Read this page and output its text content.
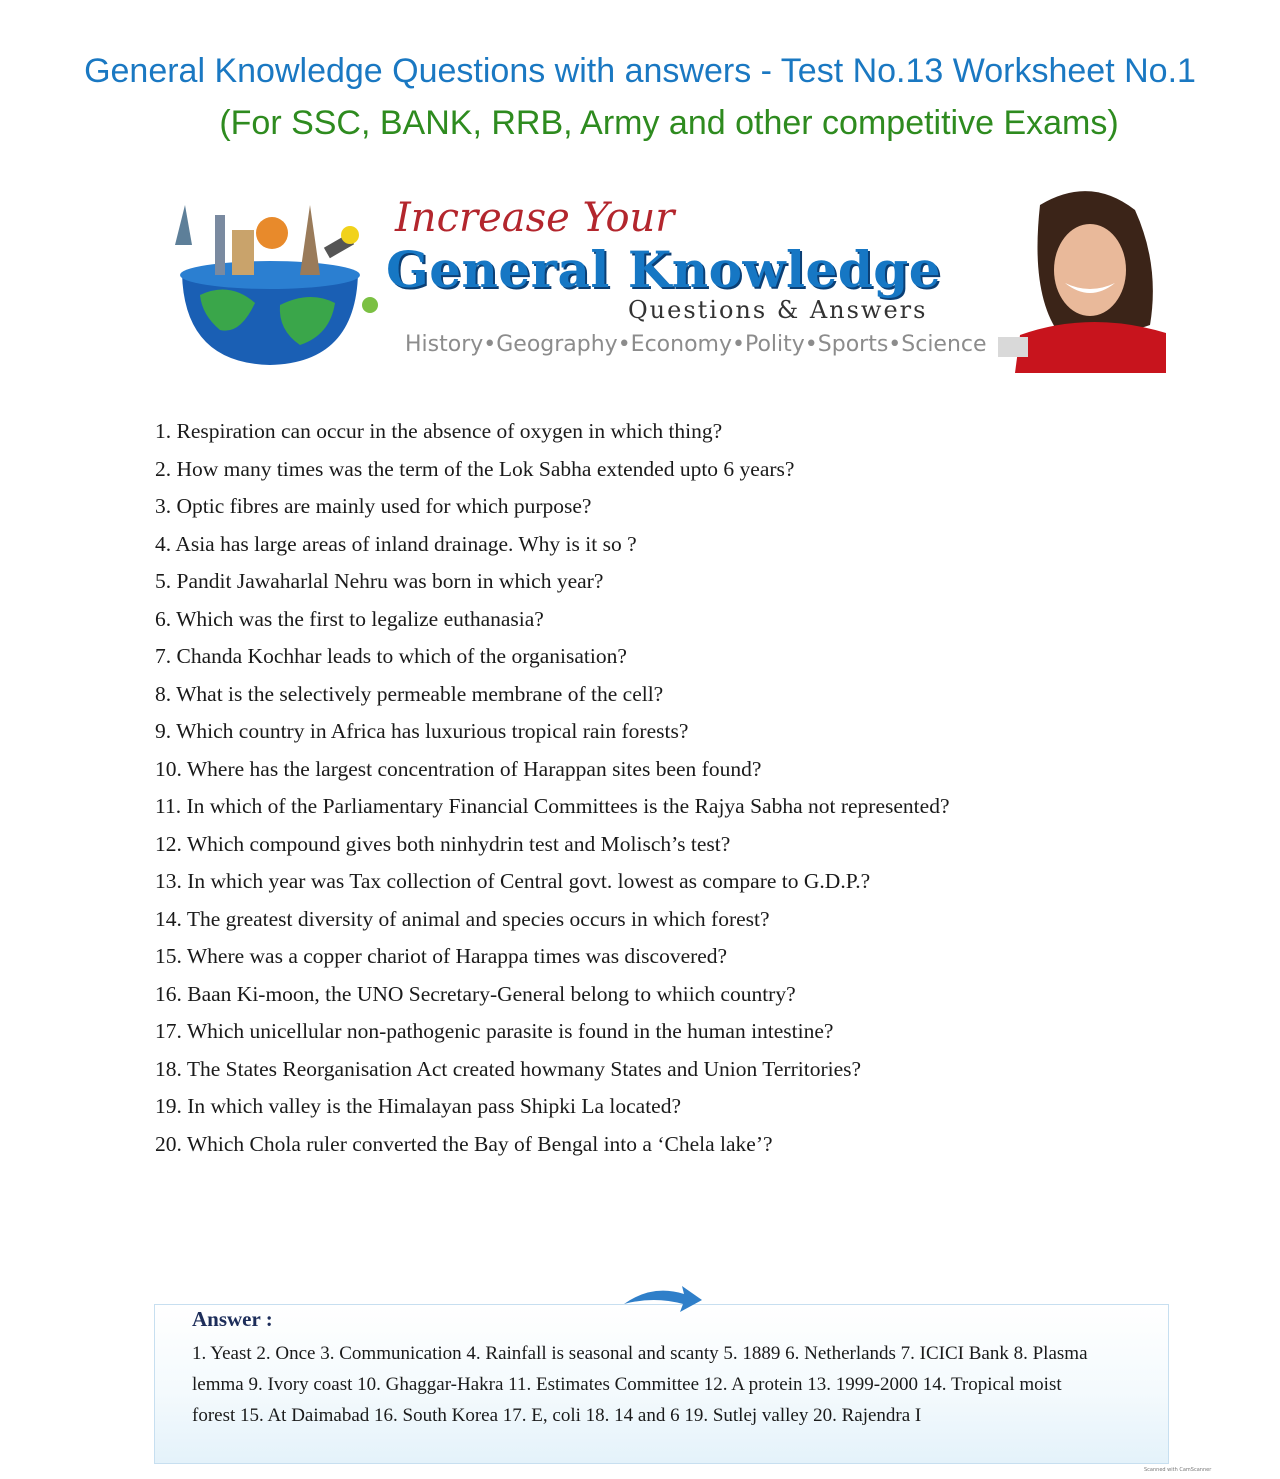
General Knowledge Questions with answers - Test No.13 Worksheet No.1
(For SSC, BANK, RRB, Army and other competitive Exams)
Increase Your
General Knowledge
Questions & Answers
History•Geography•Economy•Polity•Sports•Science
1. Respiration can occur in the absence of oxygen in which thing?
2. How many times was the term of the Lok Sabha extended upto 6 years?
3. Optic fibres are mainly used for which purpose?
4. Asia has large areas of inland drainage. Why is it so ?
5. Pandit Jawaharlal Nehru was born in which year?
6. Which was the first to legalize euthanasia?
7. Chanda Kochhar leads to which of the organisation?
8. What is the selectively permeable membrane of the cell?
9. Which country in Africa has luxurious tropical rain forests?
10. Where has the largest concentration of Harappan sites been found?
11. In which of the Parliamentary Financial Committees is the Rajya Sabha not represented?
12. Which compound gives both ninhydrin test and Molisch’s test?
13. In which year was Tax collection of Central govt. lowest as compare to G.D.P.?
14. The greatest diversity of animal and species occurs in which forest?
15. Where was a copper chariot of Harappa times was discovered?
16. Baan Ki-moon, the UNO Secretary-General belong to whiich country?
17. Which unicellular non-pathogenic parasite is found in the human intestine?
18. The States Reorganisation Act created howmany States and Union Territories?
19. In which valley is the Himalayan pass Shipki La located?
20. Which Chola ruler converted the Bay of Bengal into a ‘Chela lake’?
Answer :
1. Yeast 2. Once 3. Communication 4. Rainfall is seasonal and scanty 5. 1889 6. Netherlands 7. ICICI Bank 8. Plasma
lemma 9. Ivory coast 10. Ghaggar-Hakra 11. Estimates Committee 12. A protein 13. 1999-2000 14. Tropical moist
forest 15. At Daimabad 16. South Korea 17. E, coli 18. 14 and 6 19. Sutlej valley 20. Rajendra I
Scanned with CamScanner
